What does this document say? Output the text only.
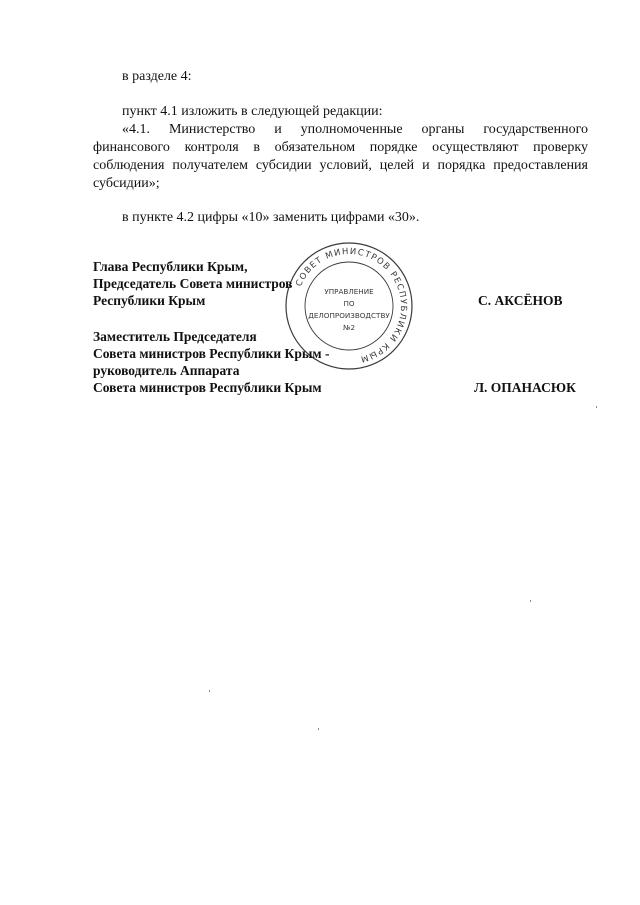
в разделе 4:
пункт 4.1 изложить в следующей редакции:
«4.1. Министерство и уполномоченные органы государственного
финансового контроля в обязательном порядке осуществляют проверку
соблюдения получателем субсидии условий, целей и порядка предоставления
субсидии»;
в пункте 4.2 цифры «10» заменить цифрами «30».
СОВЕТ МИНИСТРОВ РЕСПУБЛИКИ КРЫМ
УПРАВЛЕНИЕ
ПО
ДЕЛОПРОИЗВОДСТВУ
№2
Глава Республики Крым,
Председатель Совета министров
Республики Крым	С. АКСЁНОВ
Заместитель Председателя
Совета министров Республики Крым -
руководитель Аппарата
Совета министров Республики Крым	Л. ОПАНАСЮК
